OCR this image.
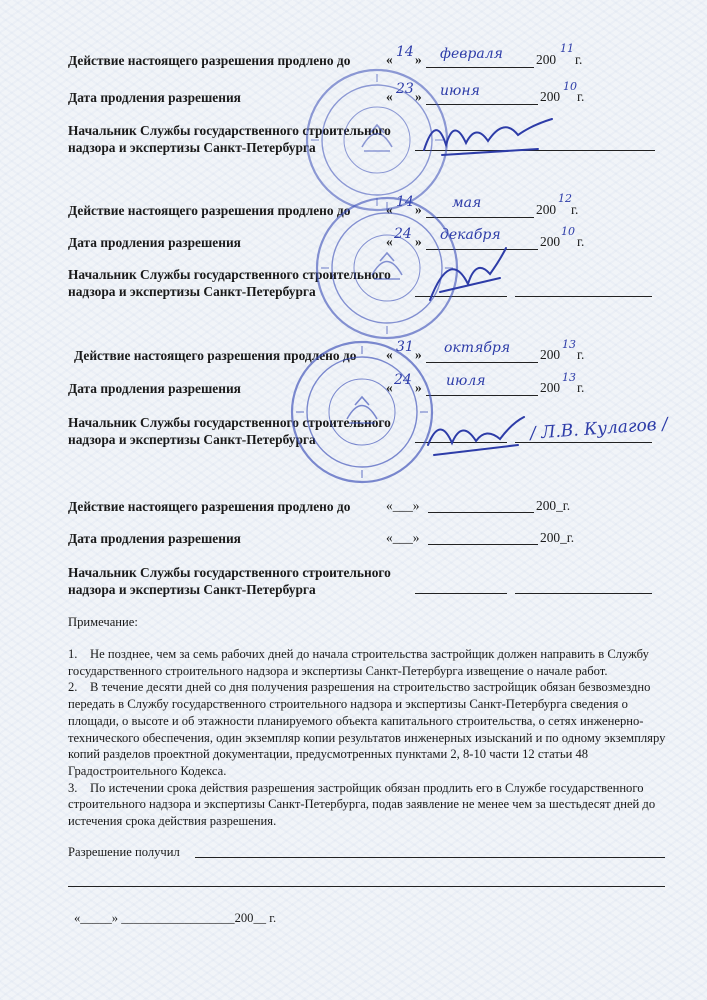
Действие настоящего разрешения продлено до	« 14 » февраля 200
11
г.
Дата продления разрешения	« 23 » июня	200
10
г.
Начальник Службы государственного строительного
надзора и экспертизы Санкт-Петербурга
Действие настоящего разрешения продлено до	« 14 » мая	200
12
г.
Дата продления разрешения	« 24 » декабря	200
10
г.
Начальник Службы государственного строительного
надзора и экспертизы Санкт-Петербурга
Действие настоящего разрешения продлено до « 31 » октября 200
13
г.
Дата продления разрешения	« 24 » июля	200
13
г.
Начальник Службы государственного строительного
надзора и экспертизы Санкт-Петербурга	/ Л.В. Кулагов /
Действие настоящего разрешения продлено до	«___»	200_г.
Дата продления разрешения	«___»	200_г.
Начальник Службы государственного строительного
надзора и экспертизы Санкт-Петербурга
Примечание:

1.    Не позднее, чем за семь рабочих дней до начала строительства застройщик должен направить в Службу государственного строительного надзора и экспертизы Санкт-Петербурга извещение о начале работ.

2.    В течение десяти дней со дня получения разрешения на строительство застройщик обязан безвозмездно передать в Службу государственного строительного надзора и экспертизы Санкт-Петербурга сведения о площади, о высоте и об этажности планируемого объекта капитального строительства, о сетях инженерно-технического обеспечения, один экземпляр копии результатов инженерных изысканий и по одному экземпляру копий разделов проектной документации, предусмотренных пунктами 2, 8-10 части 12 статьи 48 Градостроительного Кодекса.

3.    По истечении срока действия разрешения застройщик обязан продлить его в Службе государственного строительного надзора и экспертизы Санкт-Петербурга, подав заявление не менее чем за шестьдесят дней до истечения срока действия разрешения.

Разрешение получил
«_____» __________________200__ г.
